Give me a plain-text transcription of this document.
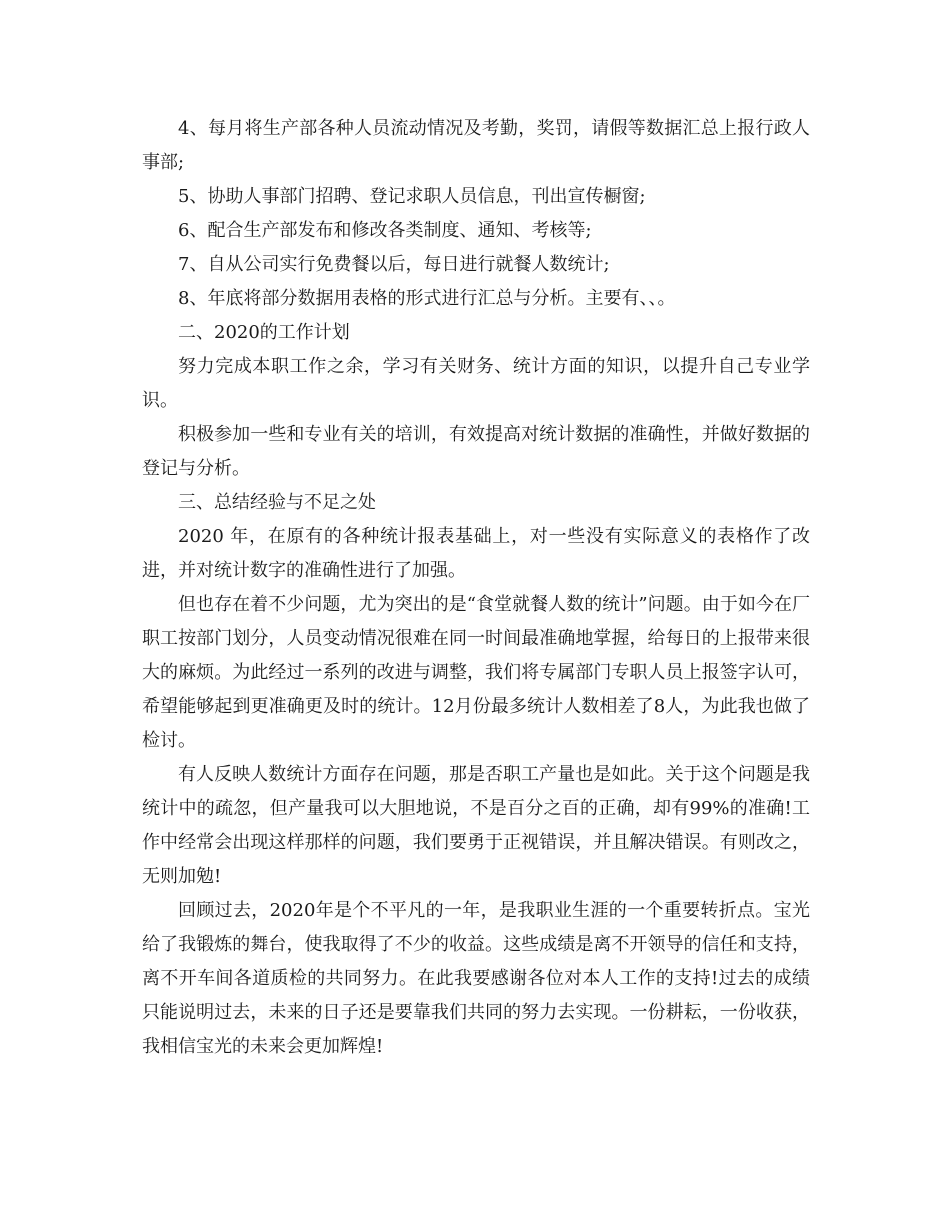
4、每月将生产部各种人员流动情况及考勤，奖罚，请假等数据汇总上报行政人事部;

5、协助人事部门招聘、登记求职人员信息，刊出宣传橱窗;

6、配合生产部发布和修改各类制度、通知、考核等;

7、自从公司实行免费餐以后，每日进行就餐人数统计;

8、年底将部分数据用表格的形式进行汇总与分析。主要有、、。

二、2020的工作计划

努力完成本职工作之余，学习有关财务、统计方面的知识，以提升自己专业学识。

积极参加一些和专业有关的培训，有效提高对统计数据的准确性，并做好数据的登记与分析。

三、总结经验与不足之处

2020 年，在原有的各种统计报表基础上，对一些没有实际意义的表格作了改进，并对统计数字的准确性进行了加强。

但也存在着不少问题，尤为突出的是“食堂就餐人数的统计”问题。由于如今在厂职工按部门划分，人员变动情况很难在同一时间最准确地掌握，给每日的上报带来很大的麻烦。为此经过一系列的改进与调整，我们将专属部门专职人员上报签字认可，希望能够起到更准确更及时的统计。12月份最多统计人数相差了8人，为此我也做了检讨。

有人反映人数统计方面存在问题，那是否职工产量也是如此。关于这个问题是我统计中的疏忽，但产量我可以大胆地说，不是百分之百的正确，却有99%的准确!工作中经常会出现这样那样的问题，我们要勇于正视错误，并且解决错误。有则改之，无则加勉!

回顾过去，2020年是个不平凡的一年，是我职业生涯的一个重要转折点。宝光给了我锻炼的舞台，使我取得了不少的收益。这些成绩是离不开领导的信任和支持，离不开车间各道质检的共同努力。在此我要感谢各位对本人工作的支持!过去的成绩只能说明过去，未来的日子还是要靠我们共同的努力去实现。一份耕耘，一份收获，我相信宝光的未来会更加辉煌!
